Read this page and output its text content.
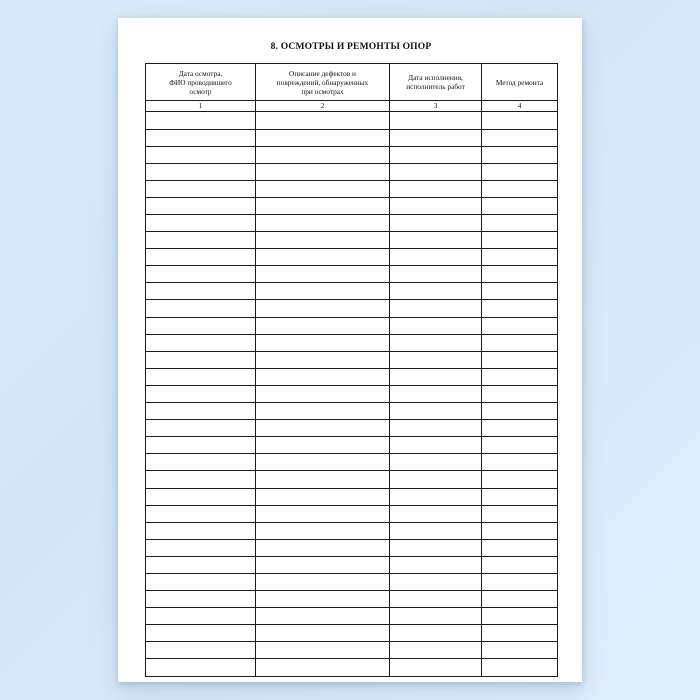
8. ОСМОТРЫ И РЕМОНТЫ ОПОР
Дата осмотра,
ФИО проводившего
осмотр	Описание дефектов и
повреждений, обнаруженных
при осмотрах	Дата исполнения,
исполнитель работ	Метод ремонта
1	2	3	4
